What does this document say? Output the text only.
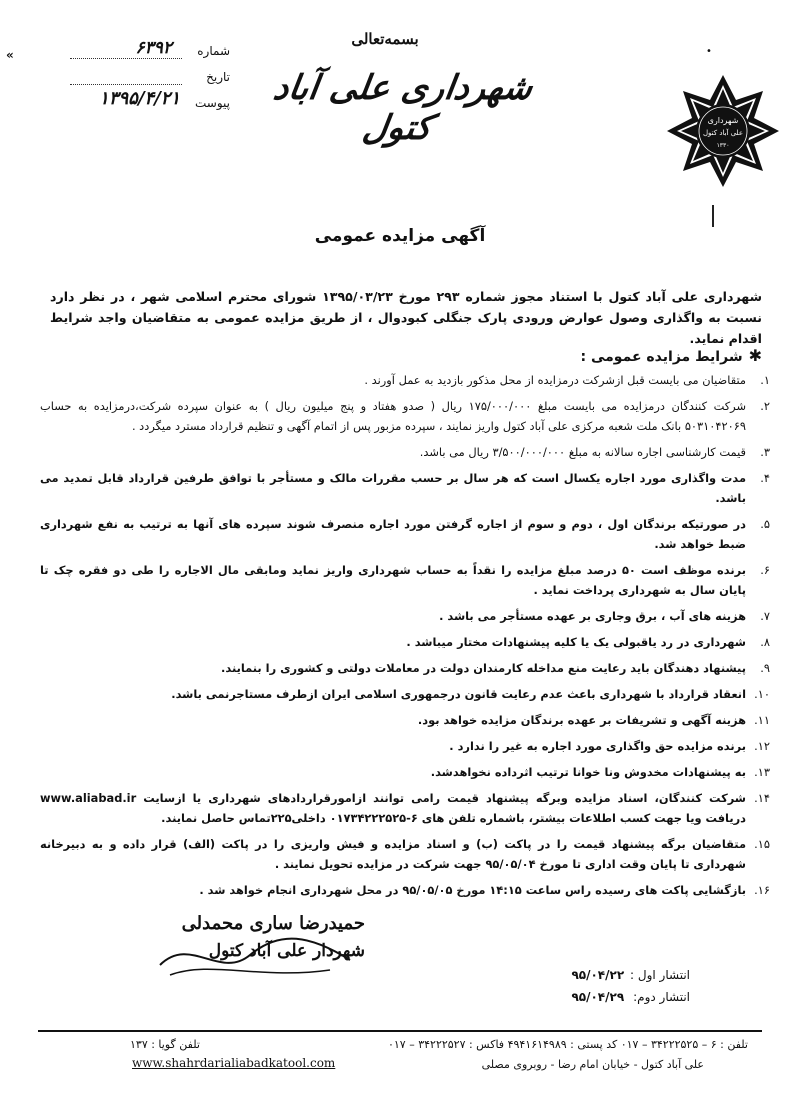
بسمه‌تعالی
شهرداری علی آباد کتول
«	•
شماره
۶۳۹۲
تاریخ
پیوست
۱۳۹۵/۴/۲۱
شهرداری
علی آباد کتول
۱۳۳۰
آگهی مزایده عمومی
شهرداری علی آباد کتول با استناد مجوز شماره ۲۹۳ مورخ ۱۳۹۵/۰۳/۲۳ شورای محترم اسلامی شهر ، در نظر دارد نسبت به واگذاری وصول عوارض ورودی پارک جنگلی کبودوال ، از طریق مزایده عمومی به متقاضیان واجد شرایط اقدام نماید.
✱شرایط مزایده عمومی :
۱.
متقاضیان می بایست قبل ازشرکت درمزایده از محل مذکور بازدید به عمل آورند .
۲.
شرکت کنندگان درمزایده می بایست مبلغ ۱۷۵/۰۰۰/۰۰۰ ریال ( صدو هفتاد و پنج میلیون ریال ) به عنوان سپرده شرکت،درمزایده به حساب ۵۰۳۱۰۴۲۰۶۹ بانک ملت شعبه مرکزی علی آباد کتول واریز نمایند ، سپرده مزبور پس از اتمام آگهی و تنظیم قرارداد مسترد میگردد .
۳.
قیمت کارشناسی اجاره سالانه به مبلغ ۳/۵۰۰/۰۰۰/۰۰۰ ریال می باشد.
۴.
مدت واگذاری مورد اجاره یکسال است که هر سال بر حسب مقررات مالک و مستأجر با توافق طرفین قرارداد قابل تمدید می باشد.
۵.
در صورتیکه برندگان اول ، دوم و سوم از اجاره گرفتن مورد اجاره منصرف شوند سپرده های آنها به ترتیب به نفع شهرداری ضبط خواهد شد.
۶.
برنده موظف است ۵۰ درصد مبلغ مزایده را نقداً به حساب شهرداری واریز نماید ومابقی مال الاجاره را طی دو فقره چک تا پایان سال به شهرداری پرداخت نماید .
۷.
هزینه های آب ، برق وجاری بر عهده مستأجر می باشد .
۸.
شهرداری در رد یاقبولی یک یا کلیه پیشنهادات مختار میباشد .
۹.
پیشنهاد دهندگان باید رعایت منع مداخله کارمندان دولت در معاملات دولتی و کشوری را بنمایند.
۱۰.
انعقاد قرارداد با شهرداری باعث عدم رعایت قانون درجمهوری اسلامی ایران ازطرف مستاجرنمی باشد.
۱۱.
هزینه آگهی و تشریفات بر عهده برندگان مزایده خواهد بود.
۱۲.
برنده مزایده حق واگذاری مورد اجاره به غیر را ندارد .
۱۳.
به پیشنهادات مخدوش ونا خوانا ترتیب اثرداده نخواهدشد.
۱۴.
شرکت کنندگان، اسناد مزایده وبرگه پیشنهاد قیمت رامی توانند ازامورقراردادهای شهرداری یا ازسایت www.aliabad.ir دریافت ویا جهت کسب اطلاعات بیشتر، باشماره تلفن های ۶-۰۱۷۳۴۲۲۲۵۲۵ داخلی۲۲۵تماس حاصل نمایند.
۱۵.
متقاضیان برگه پیشنهاد قیمت را در پاکت (ب) و اسناد مزایده و فیش واریزی را در پاکت (الف) قرار داده و به دبیرخانه شهرداری تا پایان وقت اداری تا مورخ ۹۵/۰۵/۰۴ جهت شرکت در مزایده تحویل نمایند .
۱۶.
بازگشایی پاکت های رسیده راس ساعت ۱۴:۱۵ مورخ ۹۵/۰۵/۰۵ در محل شهرداری انجام خواهد شد .
حمیدرضا ساری محمدلی
شهردار علی آباد کتول
انتشار اول : ۹۵/۰۴/۲۲
انتشار دوم: ۹۵/۰۴/۲۹
تلفن : ۶ – ۳۴۲۲۲۵۲۵ – ۰۱۷ کد پستی : ۴۹۴۱۶۱۴۹۸۹ فاکس : ۳۴۲۲۲۵۲۷ – ۰۱۷
تلفن گویا : ۱۳۷
علی آباد کتول - خیابان امام رضا - روبروی مصلی
www.shahrdarialiabadkatool.com
